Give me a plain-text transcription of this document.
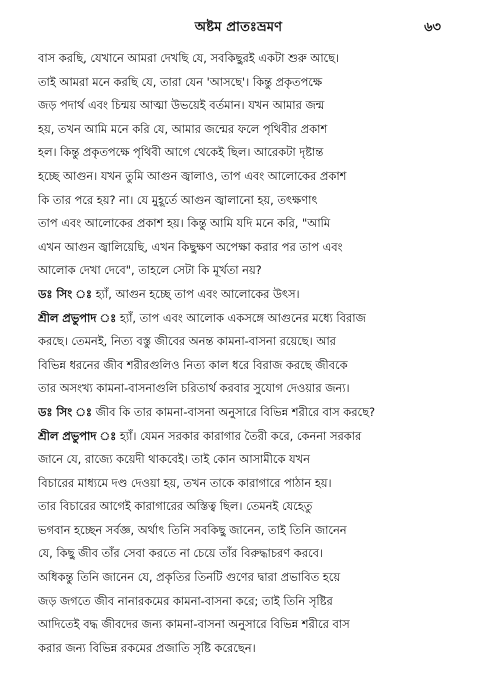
অষ্টম প্রাতঃভ্রমণ	৬৩
বাস করছি, যেখানে আমরা দেখছি যে, সবকিছুরই একটা শুরু আছে।
তাই আমরা মনে করছি যে, তারা যেন 'আসছে'। কিন্তু প্রকৃতপক্ষে
জড় পদার্থ এবং চিন্ময় আত্মা উভয়েই বর্তমান। যখন আমার জন্ম
হয়, তখন আমি মনে করি যে, আমার জন্মের ফলে পৃথিবীর প্রকাশ
হল। কিন্তু প্রকৃতপক্ষে পৃথিবী আগে থেকেই ছিল। আরেকটা দৃষ্টান্ত
হচ্ছে আগুন। যখন তুমি আগুন জ্বালাও, তাপ এবং আলোকের প্রকাশ
কি তার পরে হয়? না। যে মুহূর্তে আগুন জ্বালানো হয়, তৎক্ষণাৎ
তাপ এবং আলোকের প্রকাশ হয়। কিন্তু আমি যদি মনে করি, "আমি
এখন আগুন জ্বালিয়েছি, এখন কিছুক্ষণ অপেক্ষা করার পর তাপ এবং
আলোক দেখা দেবে", তাহলে সেটা কি মূর্খতা নয়?
ডঃ সিং ঃ হ্যাঁ, আগুন হচ্ছে তাপ এবং আলোকের উৎস।
শ্রীল প্রভুপাদ ঃ হ্যাঁ, তাপ এবং আলোক একসঙ্গে আগুনের মধ্যে বিরাজ
করছে। তেমনই, নিত্য বস্তু জীবের অনন্ত কামনা-বাসনা রয়েছে। আর
বিভিন্ন ধরনের জীব শরীরগুলিও নিত্য কাল ধরে বিরাজ করছে জীবকে
তার অসংখ্য কামনা-বাসনাগুলি চরিতার্থ করবার সুযোগ দেওয়ার জন্য।
ডঃ সিং ঃ জীব কি তার কামনা-বাসনা অনুসারে বিভিন্ন শরীরে বাস করছে?
শ্রীল প্রভুপাদ ঃ হ্যাঁ। যেমন সরকার কারাগার তৈরী করে, কেননা সরকার
জানে যে, রাজ্যে কয়েদী থাকবেই। তাই কোন আসামীকে যখন
বিচারের মাধ্যমে দণ্ড দেওয়া হয়, তখন তাকে কারাগারে পাঠান হয়।
তার বিচারের আগেই কারাগারের অস্তিত্ব ছিল। তেমনই যেহেতু
ভগবান হচ্ছেন সর্বজ্ঞ, অর্থাৎ তিনি সবকিছু জানেন, তাই তিনি জানেন
যে, কিছু জীব তাঁর সেবা করতে না চেয়ে তাঁর বিরুদ্ধাচরণ করবে।
অধিকন্তু তিনি জানেন যে, প্রকৃতির তিনটি গুণের দ্বারা প্রভাবিত হয়ে
জড় জগতে জীব নানারকমের কামনা-বাসনা করে; তাই তিনি সৃষ্টির
আদিতেই বদ্ধ জীবদের জন্য কামনা-বাসনা অনুসারে বিভিন্ন শরীরে বাস
করার জন্য বিভিন্ন রকমের প্রজাতি সৃষ্টি করেছেন।
